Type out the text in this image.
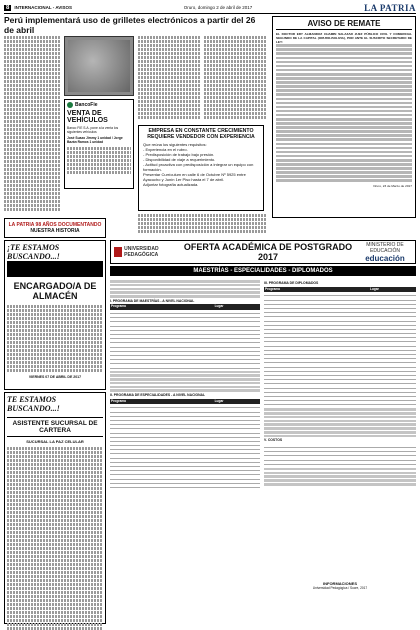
8	INTERNACIONAL - AVISOS	Oruro, domingo 2 de abril de 2017	LA PATRIA
Perú implementará uso de grilletes electrónicos a partir del 26 de abril
BancoFie
VENTA DE VEHÍCULOS
Banco FIE S.A. pone a la venta los siguientes vehículos
José Suazo Jimmy 1 unidad / Jorge Bazán Ramos 1 unidad
EMPRESA EN CONSTANTE CRECIMIENTO REQUIERE VENDEDOR CON EXPERIENCIA
Que reúna los siguientes requisitos:
- Experiencia en el rubro.
- Predisposición de trabajo bajo presión.
- Disponibilidad de viaje a requerimiento.
- Actitud proactiva con predisposición a integrar un equipo con formación.
Presentar Currículum en calle 6 de Octubre Nº 5925 entre Ayacucho y Junín 1er Piso hasta el 7 de abril.
Adjuntar fotografía actualizada.
AVISO DE REMATE
EL DOCTOR ERY ALMANDOZ CHAMBI SALAZAR JUEZ PÚBLICO CIVIL Y COMERCIAL SEGUNDO DE LA CAPITAL (ORURO-BOLIVIA), POR ANTE EL SUSCRITO SECRETARIO DE LEY:
Oruro, 23 de Marzo de 2017
LA PATRIA 98 AÑOS DOCUMENTANDO
NUESTRA HISTORIA
¡TE ESTAMOS BUSCANDO...!
ENCARGADO/A DE ALMACÉN
VIERNES 07 DE ABRIL DE 2017
TE ESTAMOS BUSCANDO...!
ASISTENTE SUCURSAL DE CARTERA
SUCURSAL LA PAZ CELULAR
UNIVERSIDAD PEDAGÓGICA
OFERTA ACADÉMICA DE POSTGRADO 2017
MINISTERIO DE EDUCACIÓN
educación
MAESTRÍAS - ESPECIALIDADES - DIPLOMADOS
I. PROGRAMA DE MAESTRÍAS - A NIVEL NACIONAL
Programa	Lugar
II. PROGRAMA DE ESPECIALIDADES - A NIVEL NACIONAL
Programa	Lugar
III. PROGRAMA DE DIPLOMADOS
Programa	Lugar
V. COSTOS
INFORMACIONES
Universidad Pedagógica / Sucre, 2017
